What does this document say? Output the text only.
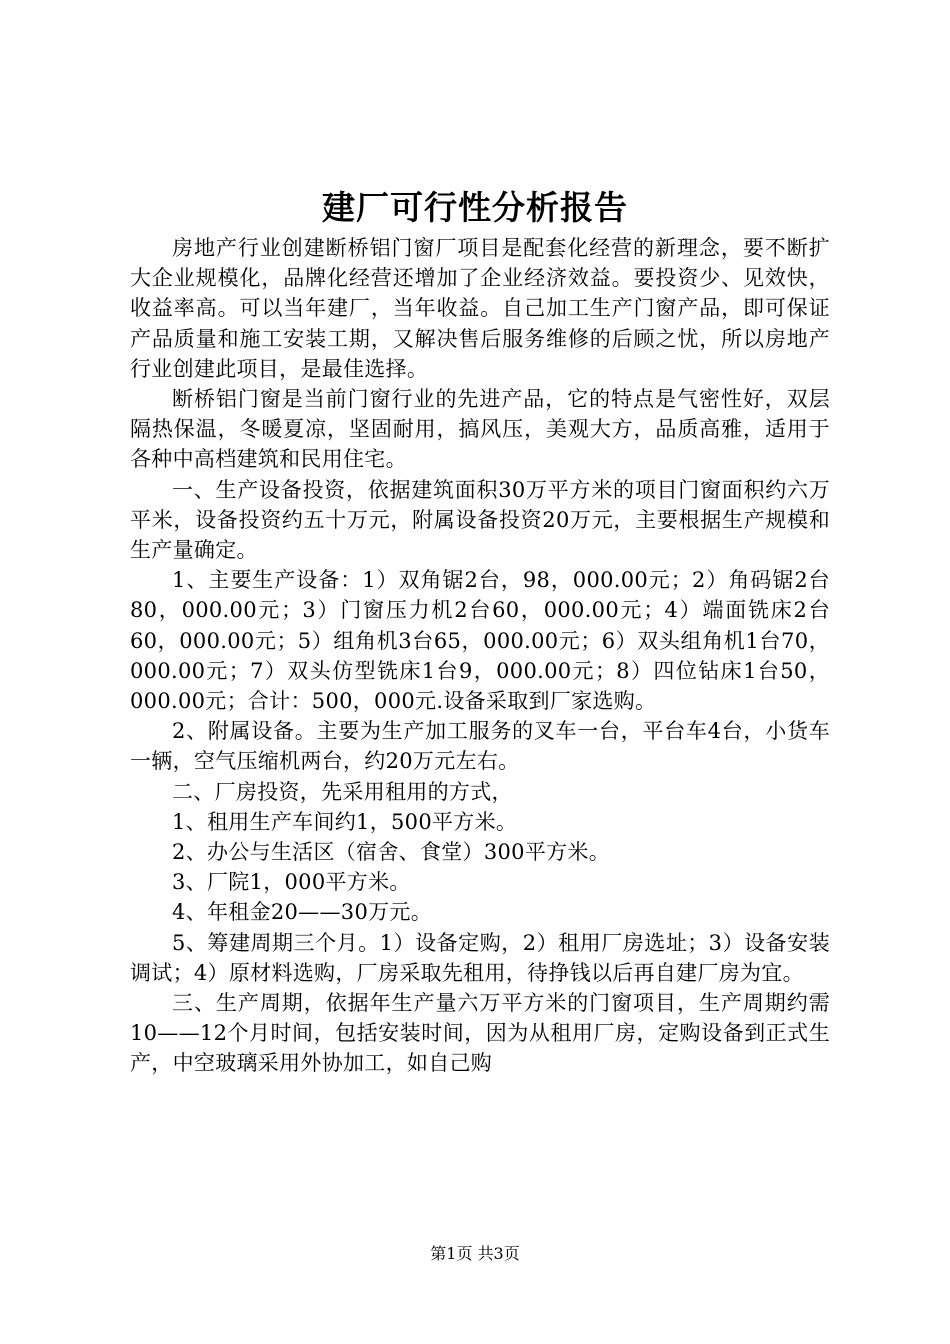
建厂可行性分析报告

房地产行业创建断桥铝门窗厂项目是配套化经营的新理念，要不断扩大企业规模化，品牌化经营还增加了企业经济效益。要投资少、见效快，收益率高。可以当年建厂，当年收益。自己加工生产门窗产品，即可保证产品质量和施工安装工期，又解决售后服务维修的后顾之忧，所以房地产行业创建此项目，是最佳选择。

断桥铝门窗是当前门窗行业的先进产品，它的特点是气密性好，双层隔热保温，冬暖夏凉，坚固耐用，搞风压，美观大方，品质高雅，适用于各种中高档建筑和民用住宅。

一、生产设备投资，依据建筑面积30万平方米的项目门窗面积约六万平米，设备投资约五十万元，附属设备投资20万元，主要根据生产规模和生产量确定。

1、主要生产设备：1）双角锯2台，98，000.00元；2）角码锯2台80，000.00元；3）门窗压力机2台60，000.00元；4）端面铣床2台60，000.00元；5）组角机3台65，000.00元；6）双头组角机1台70，000.00元；7）双头仿型铣床1台9，000.00元；8）四位钻床1台50，000.00元；合计：500，000元.设备采取到厂家选购。

2、附属设备。主要为生产加工服务的叉车一台，平台车4台，小货车一辆，空气压缩机两台，约20万元左右。

二、厂房投资，先采用租用的方式，

1、租用生产车间约1，500平方米。

2、办公与生活区（宿舍、食堂）300平方米。

3、厂院1，000平方米。

4、年租金20——30万元。

5、筹建周期三个月。1）设备定购，2）租用厂房选址；3）设备安装调试；4）原材料选购，厂房采取先租用，待挣钱以后再自建厂房为宜。

三、生产周期，依据年生产量六万平方米的门窗项目，生产周期约需10——12个月时间，包括安装时间，因为从租用厂房，定购设备到正式生产，中空玻璃采用外协加工，如自己购

第1页 共3页
